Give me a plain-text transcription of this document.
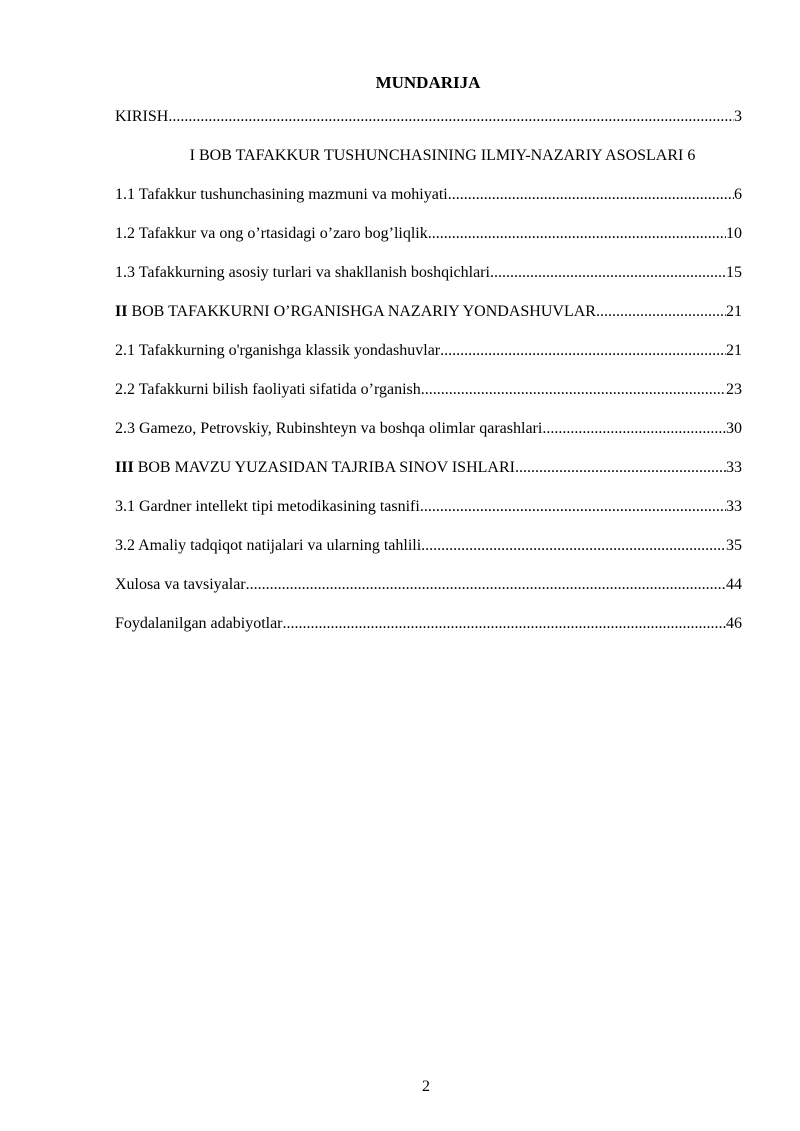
MUNDARIJA
KIRISH .....	3
I BOB TAFAKKUR TUSHUNCHASINING ILMIY-NAZARIY ASOSLARI 6
1.1 Tafakkur tushunchasining mazmuni va mohiyati .....	6
1.2 Tafakkur va ong o’rtasidagi o’zaro bog’liqlik .....	10
1.3 Tafakkurning asosiy turlari va shakllanish boshqichlari .....	15
II BOB TAFAKKURNI O’RGANISHGA NAZARIY YONDASHUVLAR .....	21
2.1 Tafakkurning o'rganishga klassik yondashuvlar .....	21
2.2 Tafakkurni bilish faoliyati sifatida o’rganish .....	23
2.3 Gamezo, Petrovskiy, Rubinshteyn va boshqa olimlar qarashlari .....	30
III BOB MAVZU YUZASIDAN TAJRIBA SINOV ISHLARI .....	33
3.1 Gardner intellekt tipi metodikasining tasnifi .....	33
3.2 Amaliy tadqiqot natijalari va ularning tahlili .....	35
Xulosa va tavsiyalar .....	44
Foydalanilgan adabiyotlar .....	46
2
